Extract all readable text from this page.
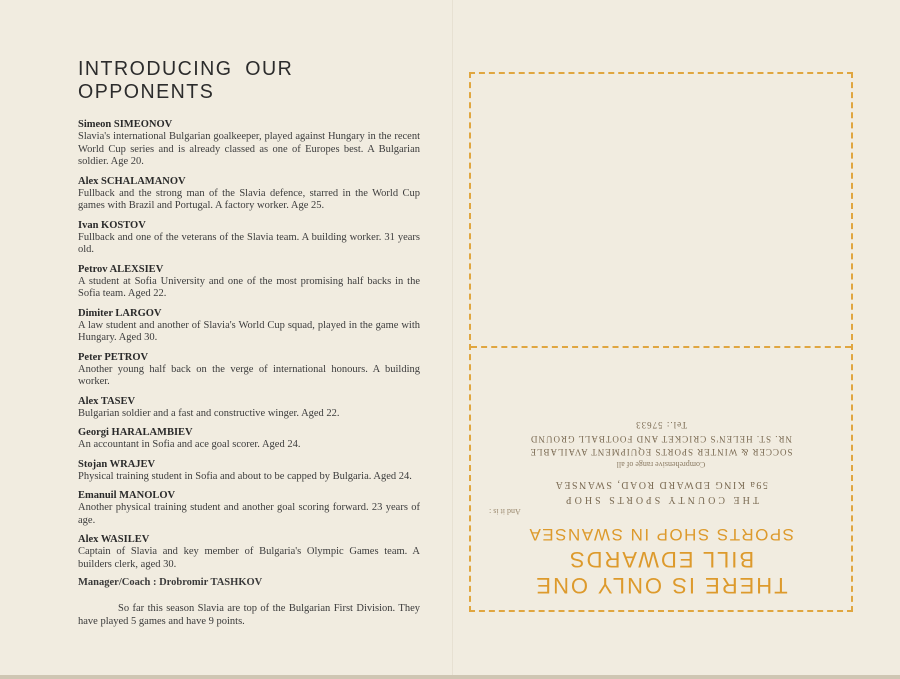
INTRODUCING OUR OPPONENTS
Simeon SIMEONOV
Slavia's international Bulgarian goalkeeper, played against Hungary in the recent World Cup series and is already classed as one of Europes best. A Bulgarian soldier. Age 20.
Alex SCHALAMANOV
Fullback and the strong man of the Slavia defence, starred in the World Cup games with Brazil and Portugal. A factory worker. Age 25.
Ivan KOSTOV
Fullback and one of the veterans of the Slavia team. A building worker. 31 years old.
Petrov ALEXSIEV
A student at Sofia University and one of the most promising half backs in the Sofia team. Aged 22.
Dimiter LARGOV
A law student and another of Slavia's World Cup squad, played in the game with Hungary. Aged 30.
Peter PETROV
Another young half back on the verge of international honours. A building worker.
Alex TASEV
Bulgarian soldier and a fast and constructive winger. Aged 22.
Georgi HARALAMBIEV
An accountant in Sofia and ace goal scorer. Aged 24.
Stojan WRAJEV
Physical training student in Sofia and about to be capped by Bulgaria. Aged 24.
Emanuil MANOLOV
Another physical training student and another goal scoring forward. 23 years of age.
Alex WASILEV
Captain of Slavia and key member of Bulgaria's Olympic Games team. A builders clerk, aged 30.
Manager/Coach : Drobromir TASHKOV
So far this season Slavia are top of the Bulgarian First Division. They have played 5 games and have 9 points.
THERE IS ONLY ONE
BILL EDWARDS
SPORTS SHOP IN SWANSEA
And it is :
THE COUNTY SPORTS SHOP
59a KING EDWARD ROAD, SWANSEA
Comprehensive range of all
SOCCER & WINTER SPORTS EQUIPMENT AVAILABLE
NR. ST. HELEN'S CRICKET AND FOOTBALL GROUND
Tel.: 57633
